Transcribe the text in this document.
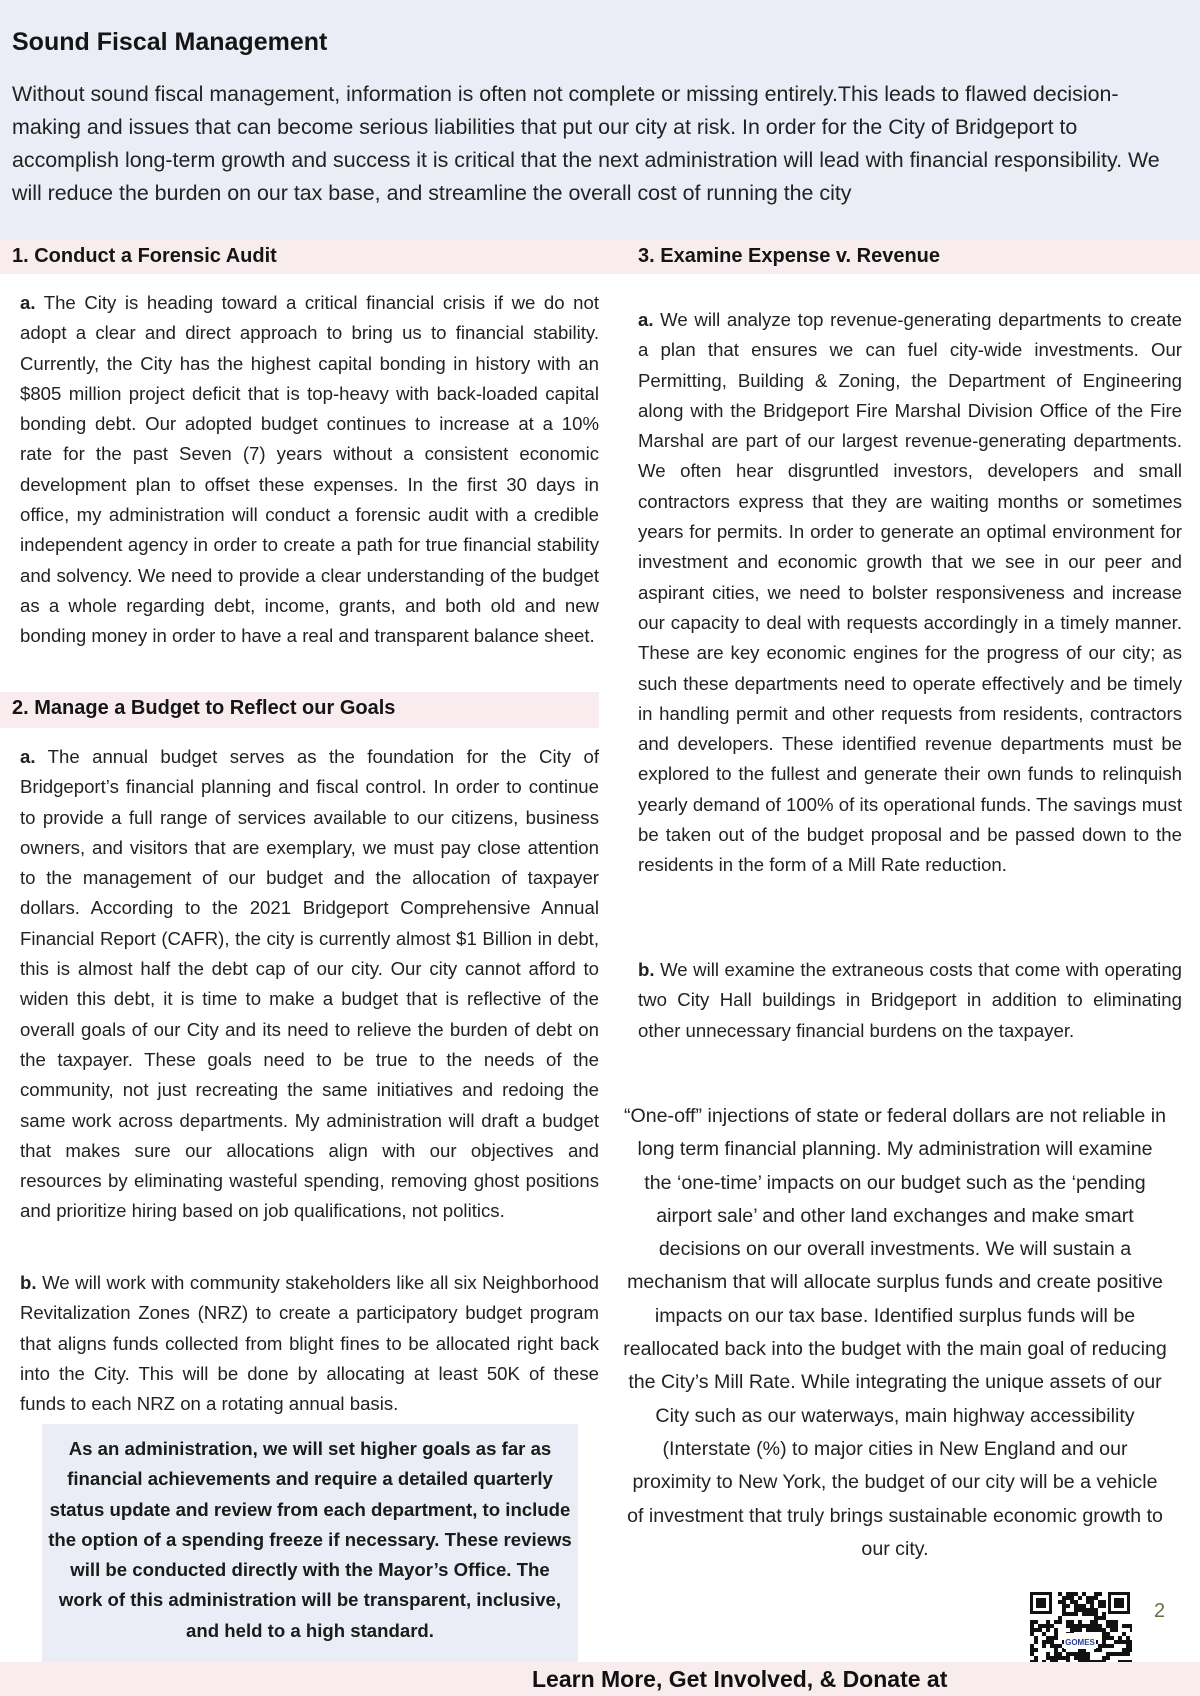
Sound Fiscal Management

Without sound fiscal management, information is often not complete or missing entirely.This leads to flawed decision- making and issues that can become serious liabilities that put our city at risk. In order for the City of Bridgeport to accomplish long-term growth and success it is critical that the next administration will lead with financial responsibility. We will reduce the burden on our tax base, and streamline the overall cost of running the city

1. Conduct a Forensic Audit	3. Examine Expense v. Revenue

a. The City is heading toward a critical financial crisis if we do not adopt a clear and direct approach to bring us to financial stability. Currently, the City has the highest capital bonding in history with an $805 million project deficit that is top-heavy with back-loaded capital bonding debt. Our adopted budget continues to increase at a 10% rate for the past Seven (7) years without a consistent economic development plan to offset these expenses. In the first 30 days in office, my administration will conduct a forensic audit with a credible independent agency in order to create a path for true financial stability and solvency. We need to provide a clear understanding of the budget as a whole regarding debt, income, grants, and both old and new bonding money in order to have a real and transparent balance sheet.

2. Manage a Budget to Reflect our Goals

a. The annual budget serves as the foundation for the City of Bridgeport’s financial planning and fiscal control. In order to continue to provide a full range of services available to our citizens, business owners, and visitors that are exemplary, we must pay close attention to the management of our budget and the allocation of taxpayer dollars. According to the 2021 Bridgeport Comprehensive Annual Financial Report (CAFR), the city is currently almost $1 Billion in debt, this is almost half the debt cap of our city. Our city cannot afford to widen this debt, it is time to make a budget that is reflective of the overall goals of our City and its need to relieve the burden of debt on the taxpayer. These goals need to be true to the needs of the community, not just recreating the same initiatives and redoing the same work across departments. My administration will draft a budget that makes sure our allocations align with our objectives and resources by eliminating wasteful spending, removing ghost positions and prioritize hiring based on job qualifications, not politics.

b. We will work with community stakeholders like all six Neighborhood Revitalization Zones (NRZ) to create a participatory budget program that aligns funds collected from blight fines to be allocated right back into the City. This will be done by allocating at least 50K of these funds to each NRZ on a rotating annual basis.

As an administration, we will set higher goals as far as financial achievements and require a detailed quarterly status update and review from each department, to include the option of a spending freeze if necessary. These reviews will be conducted directly with the Mayor’s Office. The work of this administration will be transparent, inclusive, and held to a high standard.

a. We will analyze top revenue-generating departments to create a plan that ensures we can fuel city-wide investments. Our Permitting, Building & Zoning, the Department of Engineering along with the Bridgeport Fire Marshal Division Office of the Fire Marshal are part of our largest revenue-generating departments. We often hear disgruntled investors, developers and small contractors express that they are waiting months or sometimes years for permits. In order to generate an optimal environment for investment and economic growth that we see in our peer and aspirant cities, we need to bolster responsiveness and increase our capacity to deal with requests accordingly in a timely manner. These are key economic engines for the progress of our city; as such these departments need to operate effectively and be timely in handling permit and other requests from residents, contractors and developers. These identified revenue departments must be explored to the fullest and generate their own funds to relinquish yearly demand of 100% of its operational funds. The savings must be taken out of the budget proposal and be passed down to the residents in the form of a Mill Rate reduction.

b. We will examine the extraneous costs that come with operating two City Hall buildings in Bridgeport in addition to eliminating other unnecessary financial burdens on the taxpayer.

“One-off” injections of state or federal dollars are not reliable in long term financial planning. My administration will examine the ‘one-time’ impacts on our budget such as the ‘pending airport sale’ and other land exchanges and make smart decisions on our overall investments. We will sustain a mechanism that will allocate surplus funds and create positive impacts on our tax base. Identified surplus funds will be reallocated back into the budget with the main goal of reducing the City’s Mill Rate. While integrating the unique assets of our City such as our waterways, main highway accessibility (Interstate (%) to major cities in New England and our proximity to New York, the budget of our city will be a vehicle of investment that truly brings sustainable economic growth to our city.

2
GOMES
Learn More, Get Involved, & Donate at
